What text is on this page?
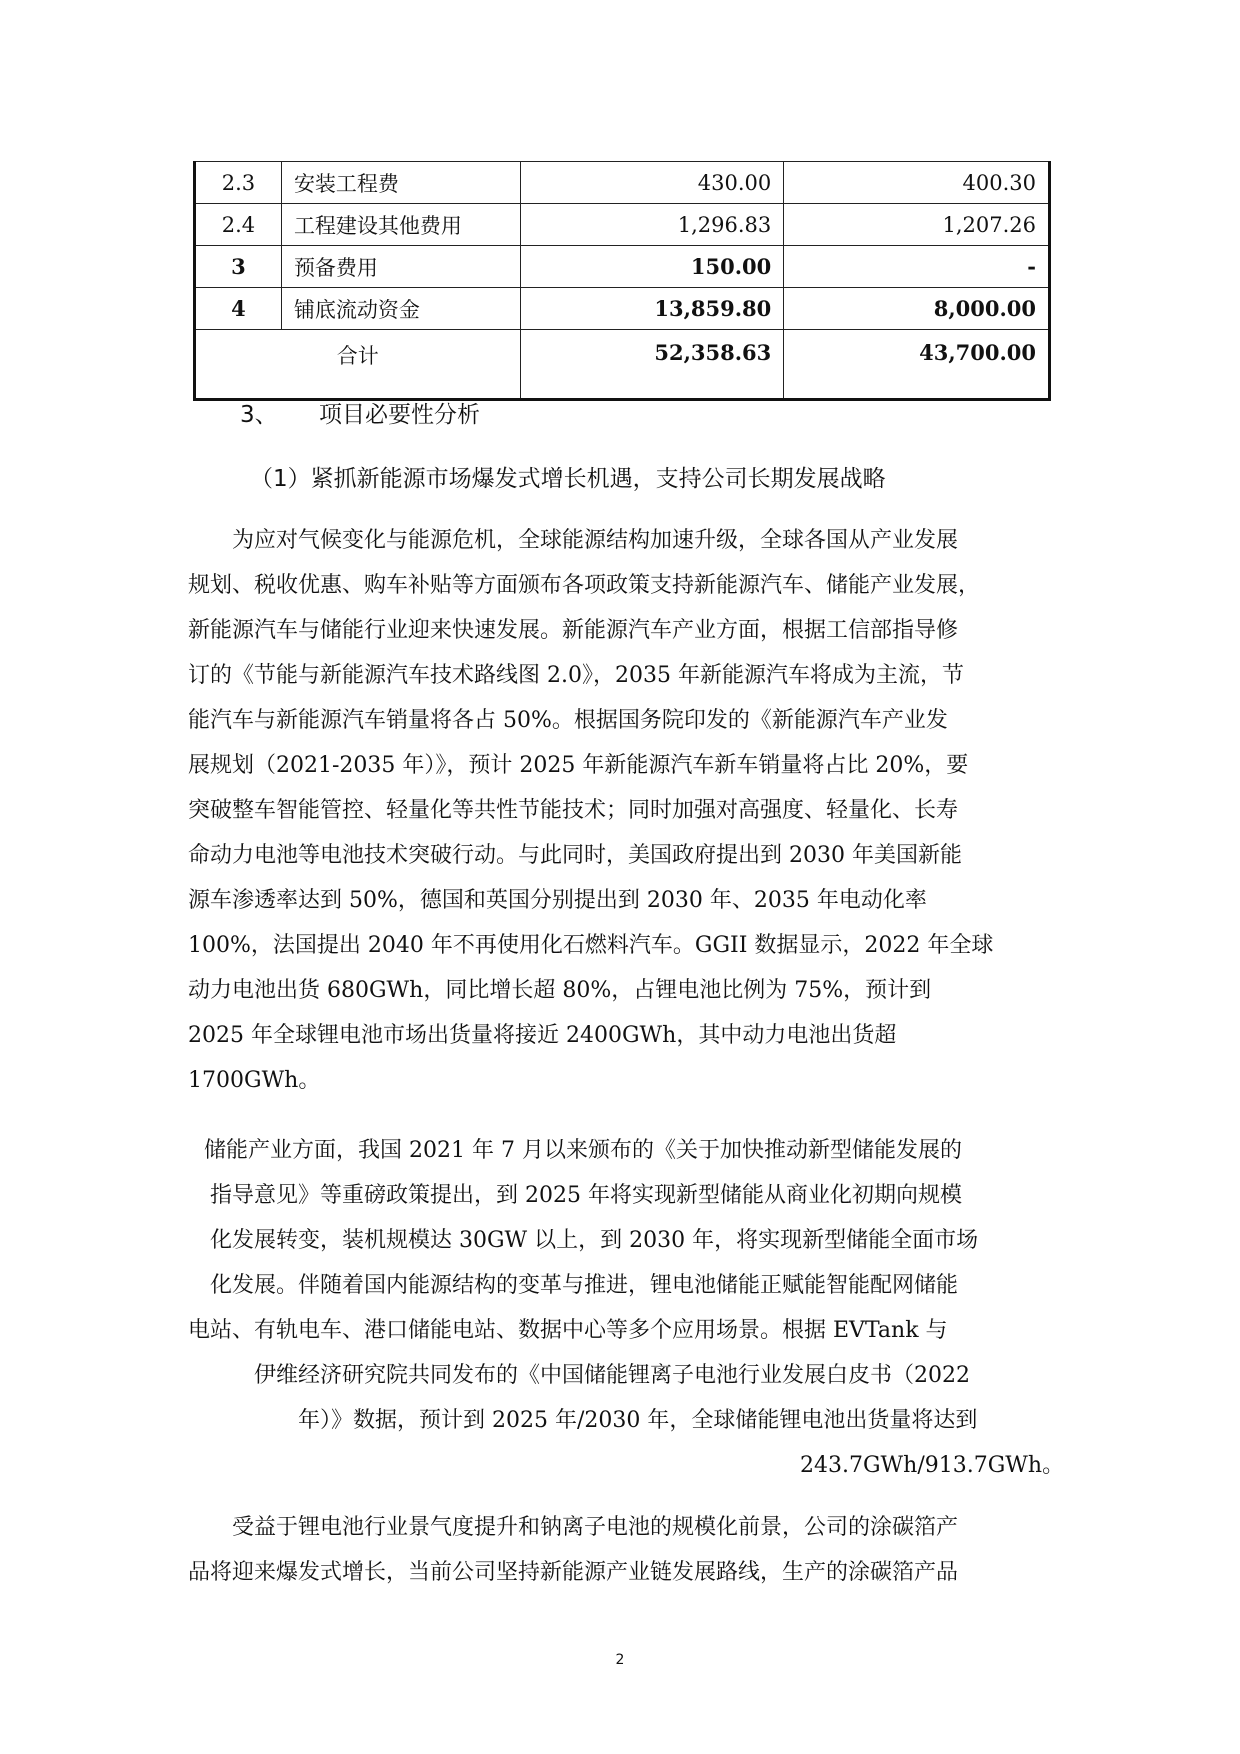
2.3	安装工程费	430.00	400.30
2.4	工程建设其他费用	1,296.83	1,207.26
3	预备费用	150.00	-
4	铺底流动资金	13,859.80	8,000.00
合计		52,358.63	43,700.00
3、 项目必要性分析
（1）紧抓新能源市场爆发式增长机遇，支持公司长期发展战略
　　为应对气候变化与能源危机，全球能源结构加速升级，全球各国从产业发展
规划、税收优惠、购车补贴等方面颁布各项政策支持新能源汽车、储能产业发展，
新能源汽车与储能行业迎来快速发展。新能源汽车产业方面，根据工信部指导修
订的《节能与新能源汽车技术路线图 2.0》，2035 年新能源汽车将成为主流，节
能汽车与新能源汽车销量将各占 50%。根据国务院印发的《新能源汽车产业发
展规划（2021-2035 年）》，预计 2025 年新能源汽车新车销量将占比 20%，要
突破整车智能管控、轻量化等共性节能技术；同时加强对高强度、轻量化、长寿
命动力电池等电池技术突破行动。与此同时，美国政府提出到 2030 年美国新能
源车渗透率达到 50%，德国和英国分别提出到 2030 年、2035 年电动化率
100%，法国提出 2040 年不再使用化石燃料汽车。GGII 数据显示，2022 年全球
动力电池出货 680GWh，同比增长超 80%，占锂电池比例为 75%，预计到
2025 年全球锂电池市场出货量将接近 2400GWh，其中动力电池出货超
1700GWh。
储能产业方面，我国 2021 年 7 月以来颁布的《关于加快推动新型储能发展的
指导意见》等重磅政策提出，到 2025 年将实现新型储能从商业化初期向规模
化发展转变，装机规模达 30GW 以上，到 2030 年，将实现新型储能全面市场
化发展。伴随着国内能源结构的变革与推进，锂电池储能正赋能智能配网储能
电站、有轨电车、港口储能电站、数据中心等多个应用场景。根据 EVTank 与
伊维经济研究院共同发布的《中国储能锂离子电池行业发展白皮书（2022
年）》数据，预计到 2025 年/2030 年，全球储能锂电池出货量将达到
243.7GWh/913.7GWh。
　　受益于锂电池行业景气度提升和钠离子电池的规模化前景，公司的涂碳箔产
品将迎来爆发式增长，当前公司坚持新能源产业链发展路线，生产的涂碳箔产品
2
